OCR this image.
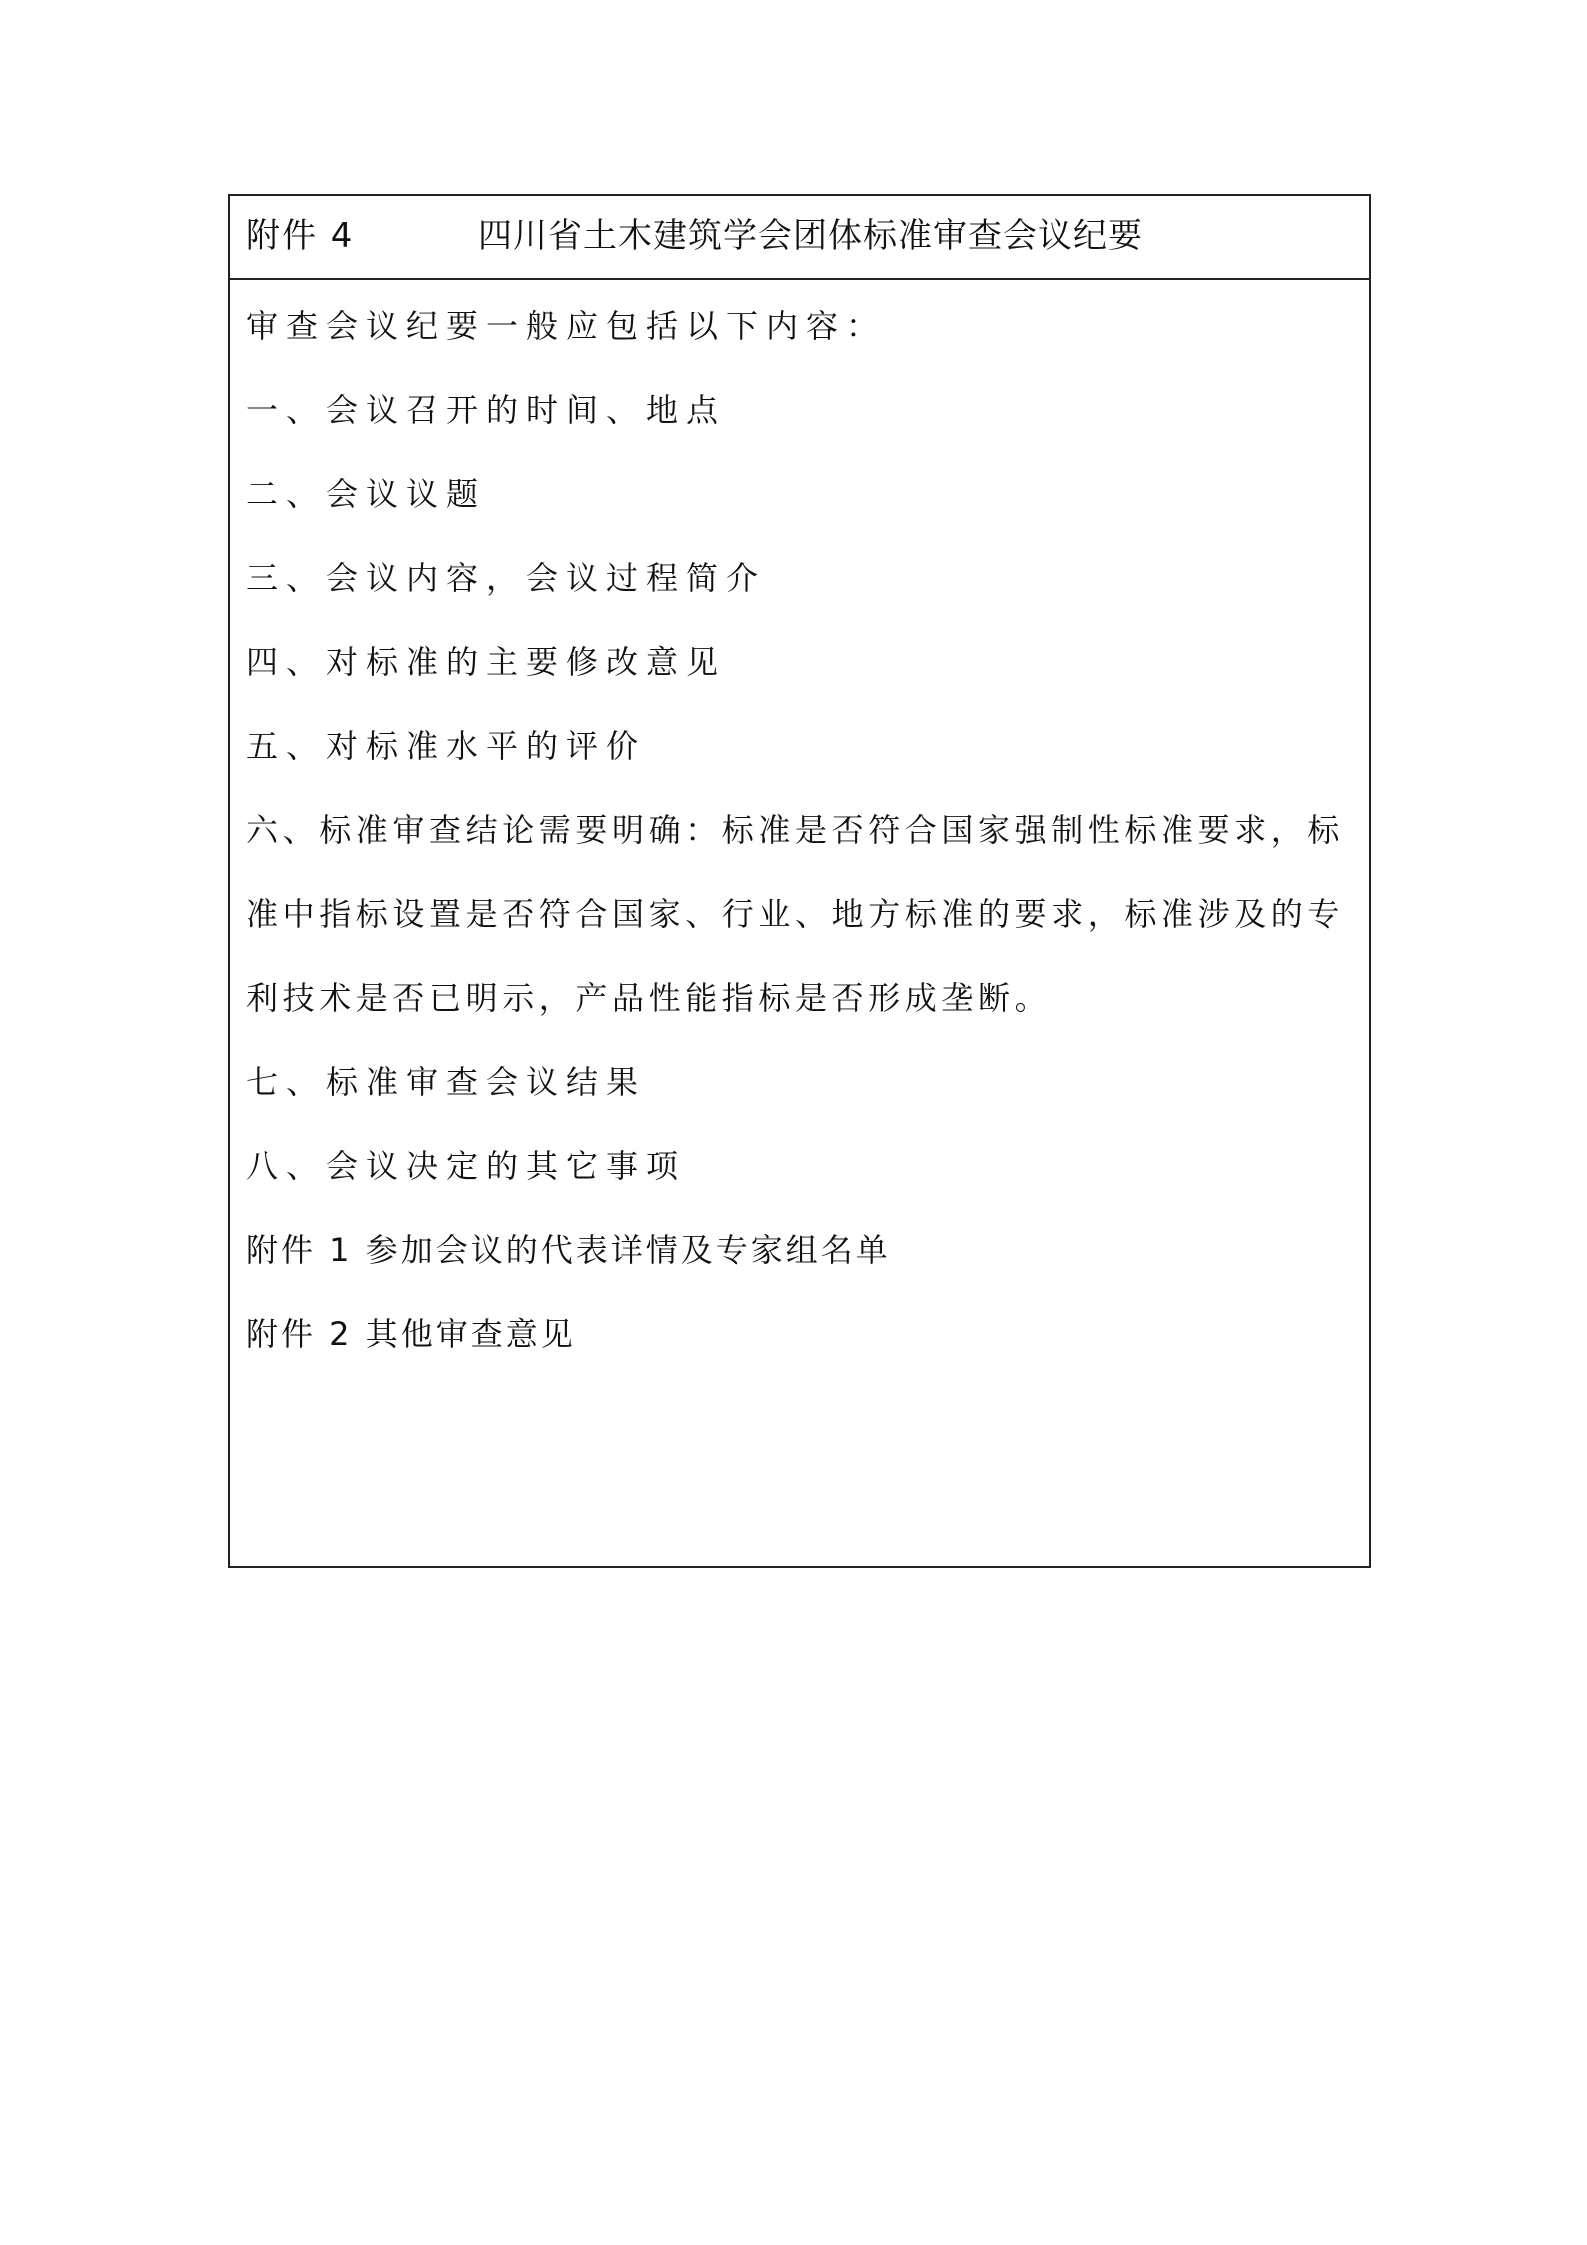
附件 4	四川省土木建筑学会团体标准审查会议纪要
审查会议纪要一般应包括以下内容：
一、会议召开的时间、地点
二、会议议题
三、会议内容，会议过程简介
四、对标准的主要修改意见
五、对标准水平的评价
六、标准审查结论需要明确：标准是否符合国家强制性标准要求，标
准中指标设置是否符合国家、行业、地方标准的要求，标准涉及的专
利技术是否已明示，产品性能指标是否形成垄断。
七、标准审查会议结果
八、会议决定的其它事项
附件 1 参加会议的代表详情及专家组名单
附件 2 其他审查意见
